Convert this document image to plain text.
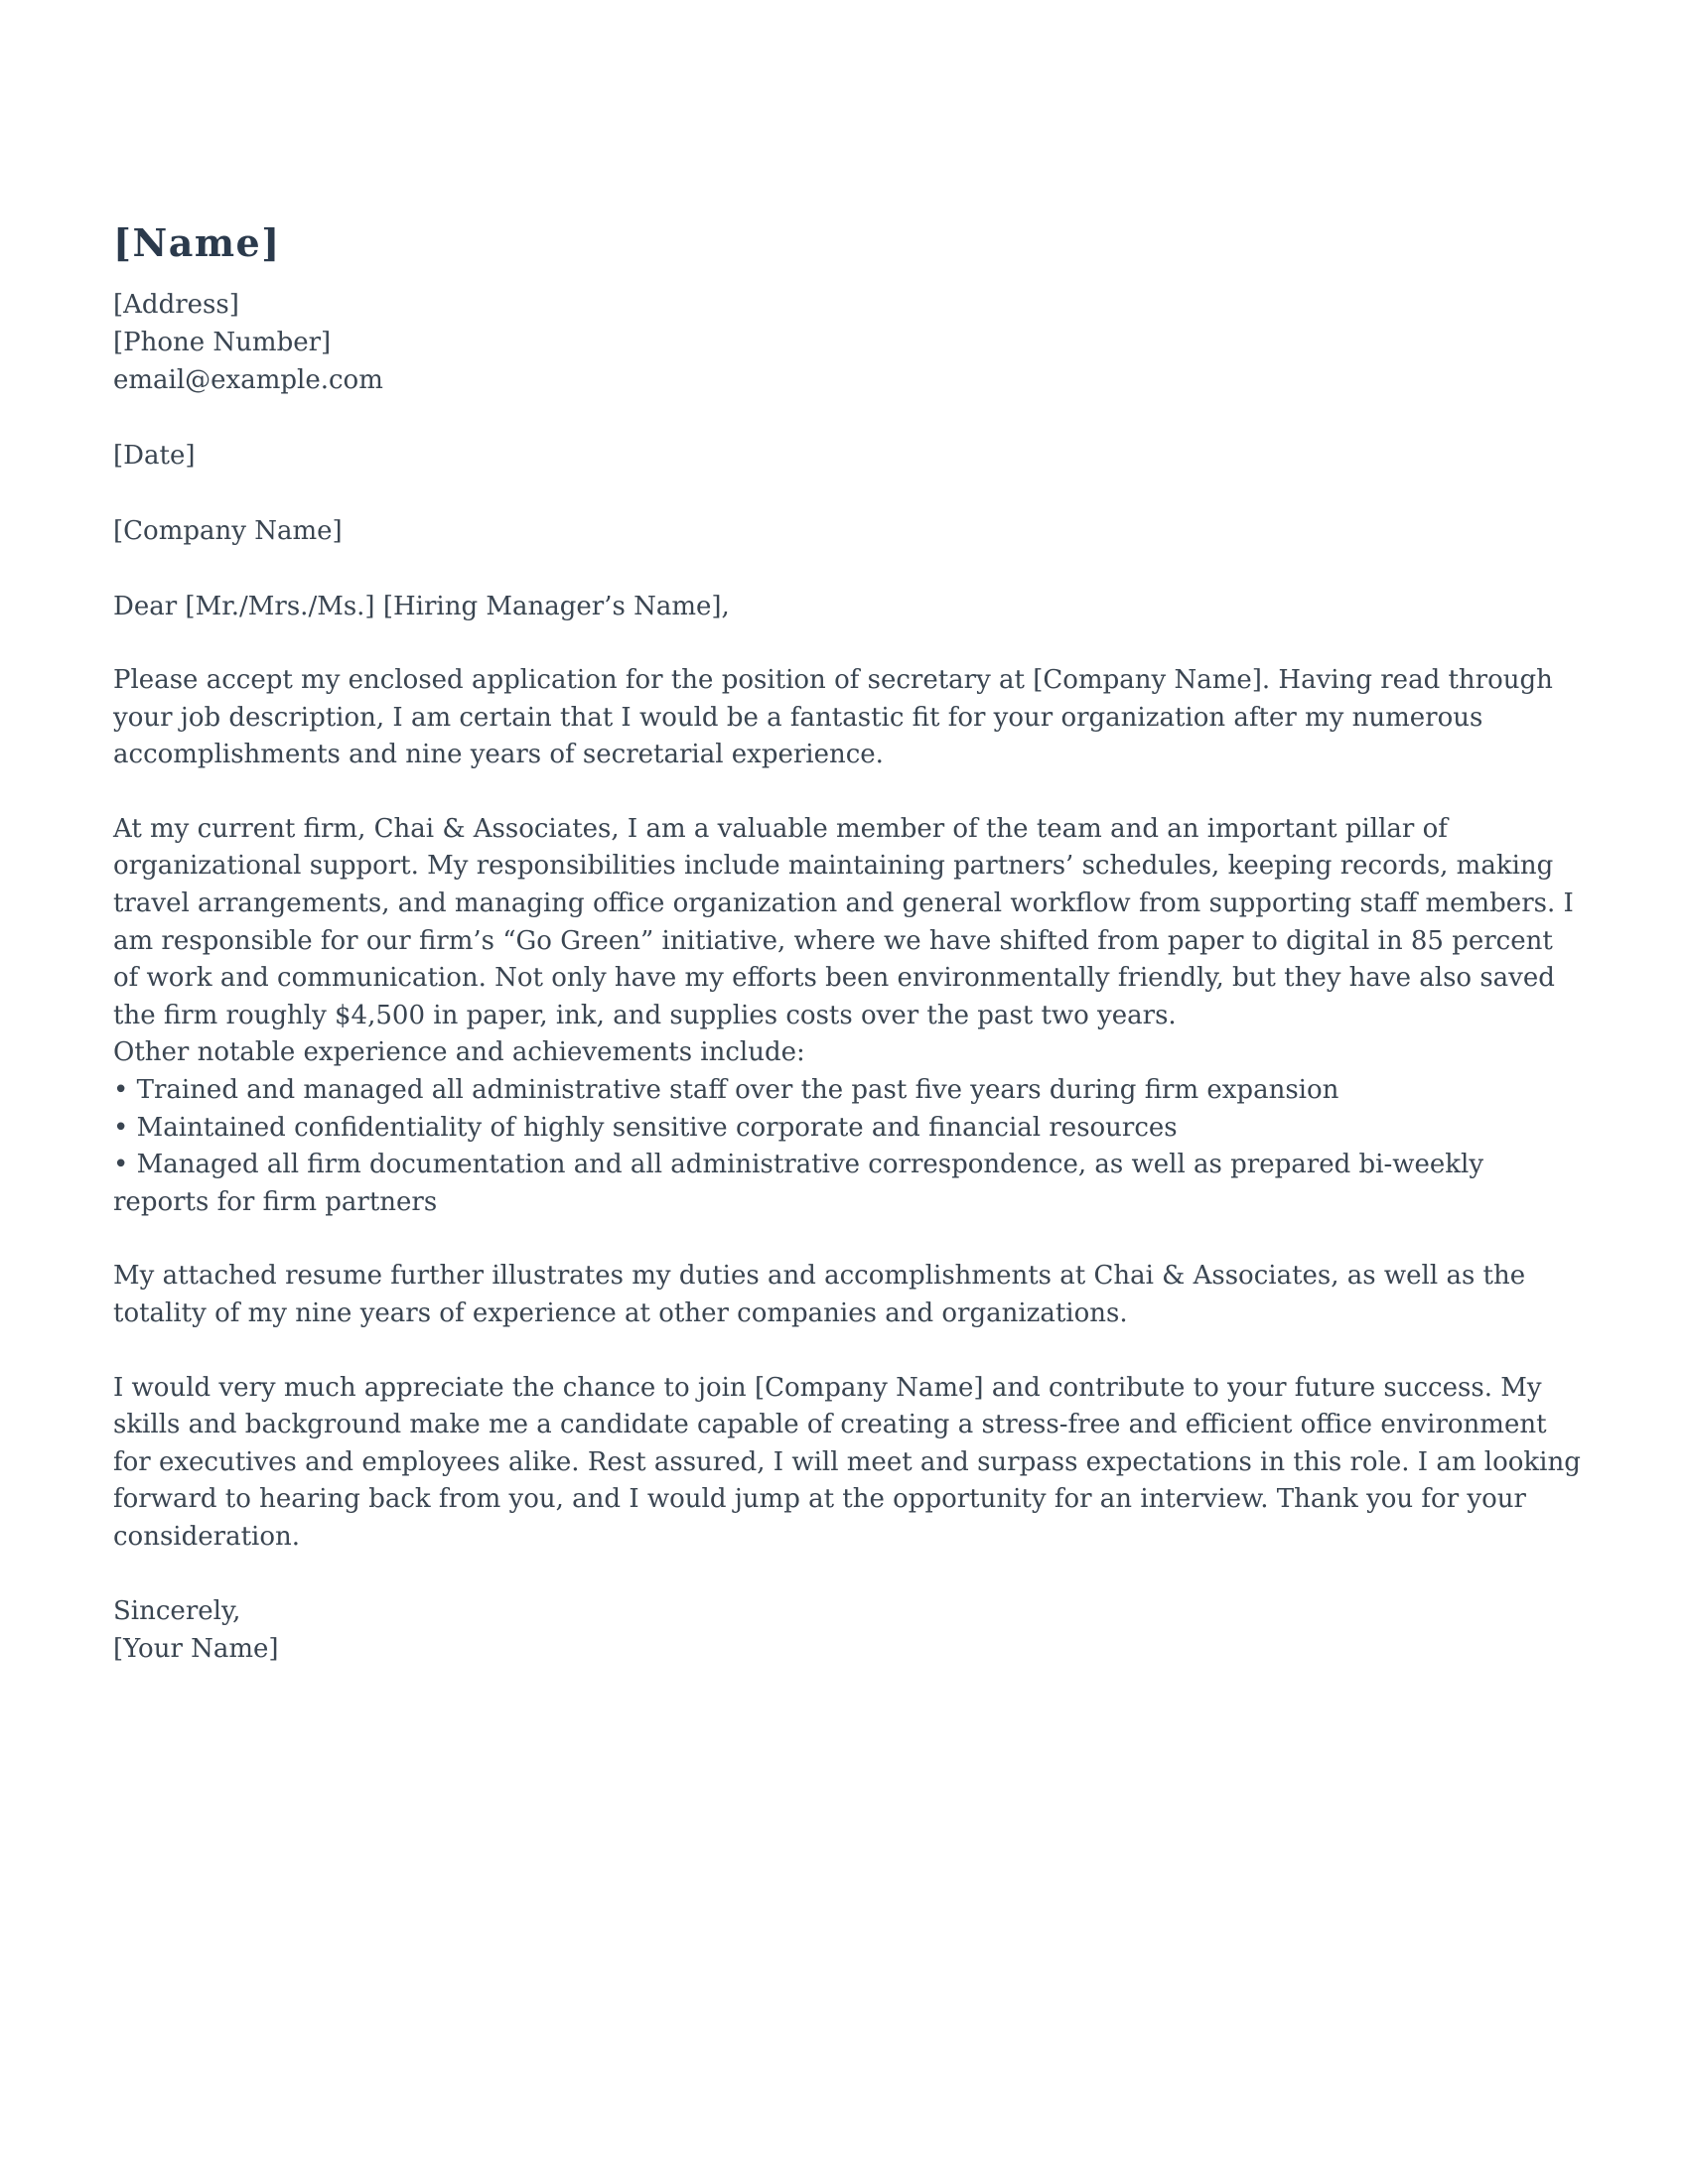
[Name]
[Address]
[Phone Number]
email@example.com
[Date]
[Company Name]
Dear [Mr./Mrs./Ms.] [Hiring Manager’s Name],

Please accept my enclosed application for the position of secretary at [Company Name]. Having read through your job description, I am certain that I would be a fantastic fit for your organization after my numerous accomplishments and nine years of secretarial experience.

At my current firm, Chai & Associates, I am a valuable member of the team and an important pillar of organizational support. My responsibilities include maintaining partners’ schedules, keeping records, making travel arrangements, and managing office organization and general workflow from supporting staff members. I am responsible for our firm’s “Go Green” initiative, where we have shifted from paper to digital in 85 percent of work and communication. Not only have my efforts been environmentally friendly, but they have also saved the firm roughly $4,500 in paper, ink, and supplies costs over the past two years.

Other notable experience and achievements include:
• Trained and managed all administrative staff over the past five years during firm expansion
• Maintained confidentiality of highly sensitive corporate and financial resources
• Managed all firm documentation and all administrative correspondence, as well as prepared bi-weekly reports for firm partners

My attached resume further illustrates my duties and accomplishments at Chai & Associates, as well as the totality of my nine years of experience at other companies and organizations.

I would very much appreciate the chance to join [Company Name] and contribute to your future success. My skills and background make me a candidate capable of creating a stress-free and efficient office environment for executives and employees alike. Rest assured, I will meet and surpass expectations in this role. I am looking forward to hearing back from you, and I would jump at the opportunity for an interview. Thank you for your consideration.

Sincerely,
[Your Name]
